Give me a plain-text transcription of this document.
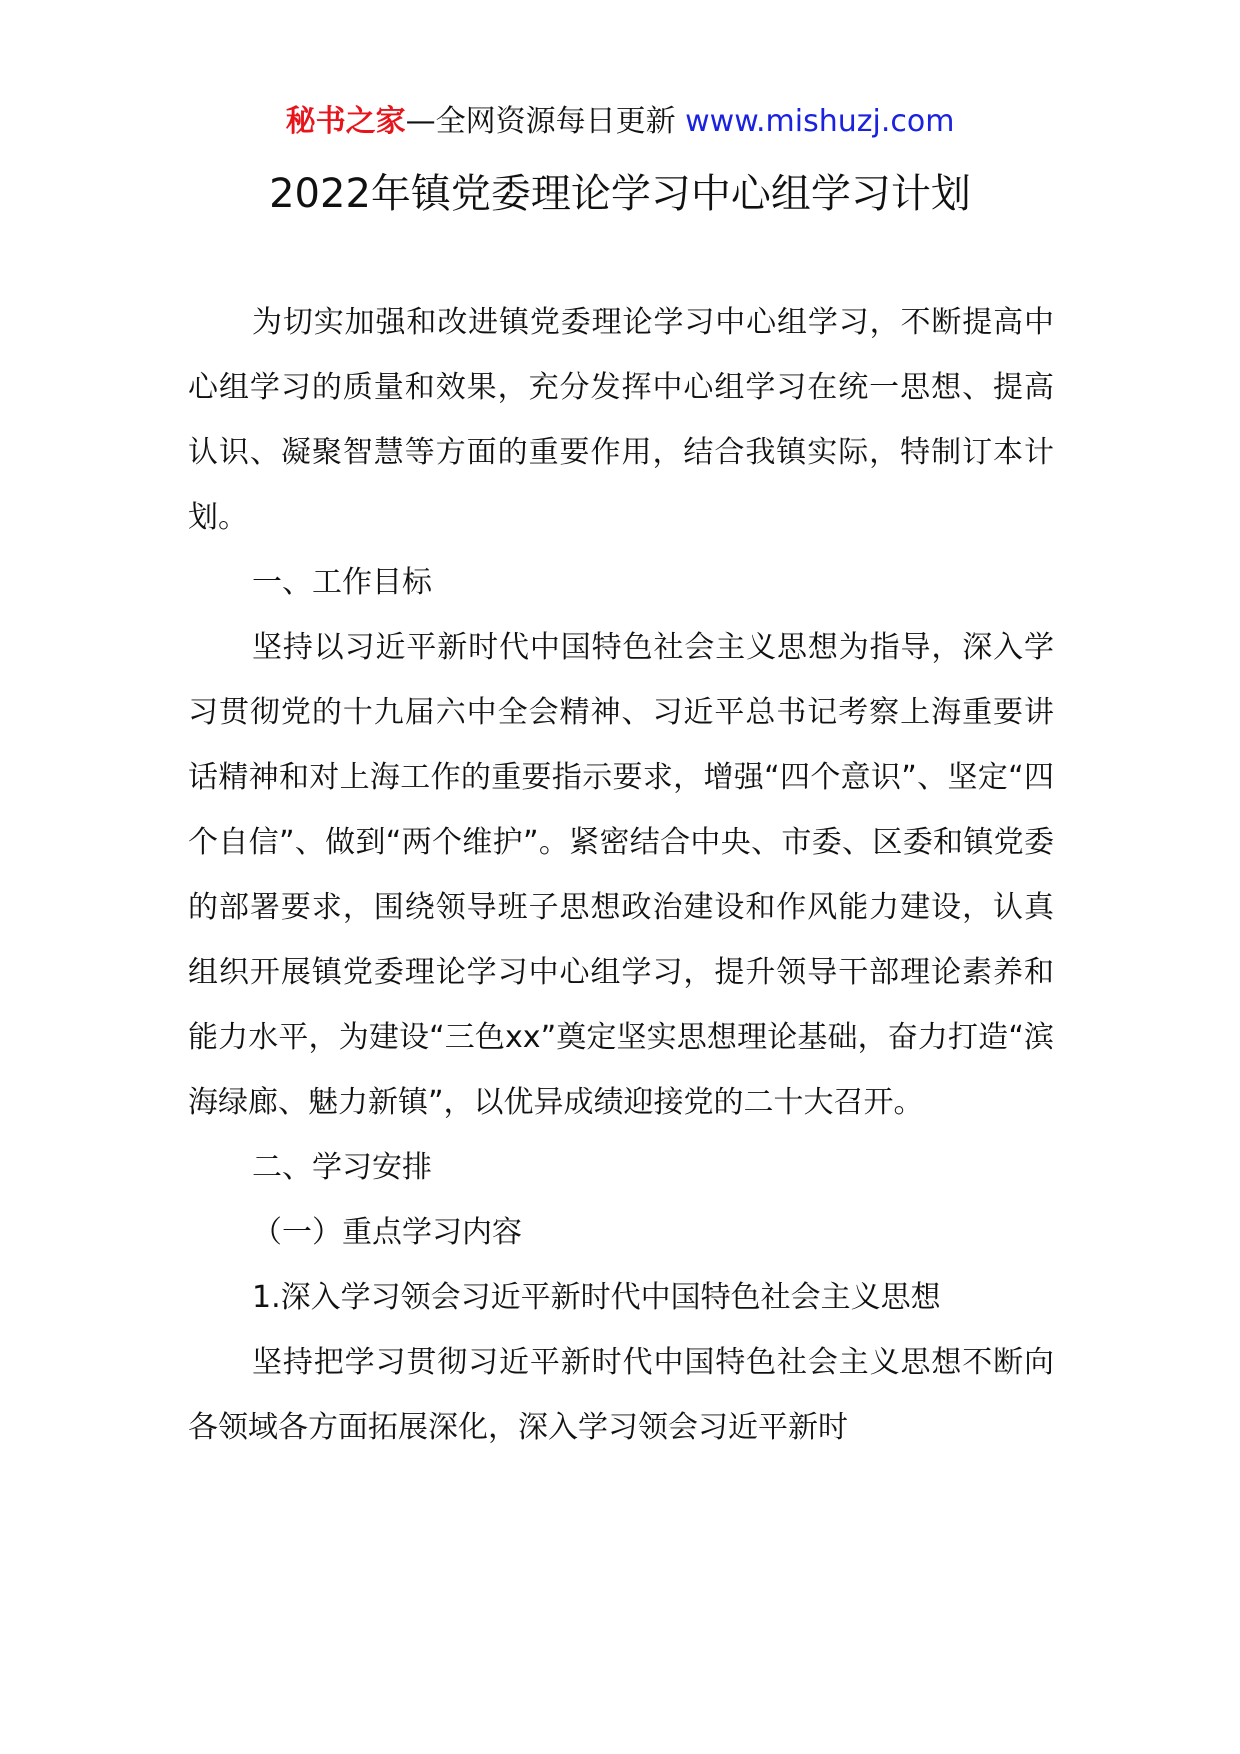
秘书之家—全网资源每日更新 www.mishuzj.com
2022年镇党委理论学习中心组学习计划

为切实加强和改进镇党委理论学习中心组学习，不断提高中心组学习的质量和效果，充分发挥中心组学习在统一思想、提高认识、凝聚智慧等方面的重要作用，结合我镇实际，特制订本计划。

一、工作目标

坚持以习近平新时代中国特色社会主义思想为指导，深入学习贯彻党的十九届六中全会精神、习近平总书记考察上海重要讲话精神和对上海工作的重要指示要求，增强“四个意识”、坚定“四个自信”、做到“两个维护”。紧密结合中央、市委、区委和镇党委的部署要求，围绕领导班子思想政治建设和作风能力建设，认真组织开展镇党委理论学习中心组学习，提升领导干部理论素养和能力水平，为建设“三色xx”奠定坚实思想理论基础，奋力打造“滨海绿廊、魅力新镇”，以优异成绩迎接党的二十大召开。

二、学习安排

（一）重点学习内容

1.深入学习领会习近平新时代中国特色社会主义思想

坚持把学习贯彻习近平新时代中国特色社会主义思想不断向各领域各方面拓展深化，深入学习领会习近平新时
